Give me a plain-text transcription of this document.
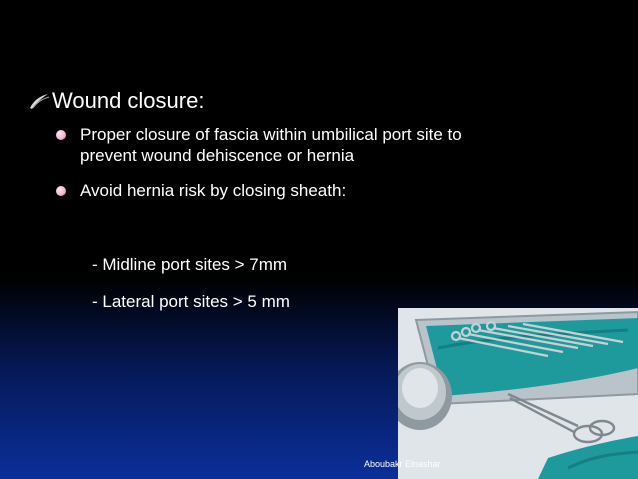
Wound closure:
Proper closure of fascia within umbilical port site to prevent wound dehiscence or hernia
Avoid hernia risk by closing sheath:
- Midline port sites > 7mm
- Lateral port sites > 5 mm
Aboubakr Elnashar
